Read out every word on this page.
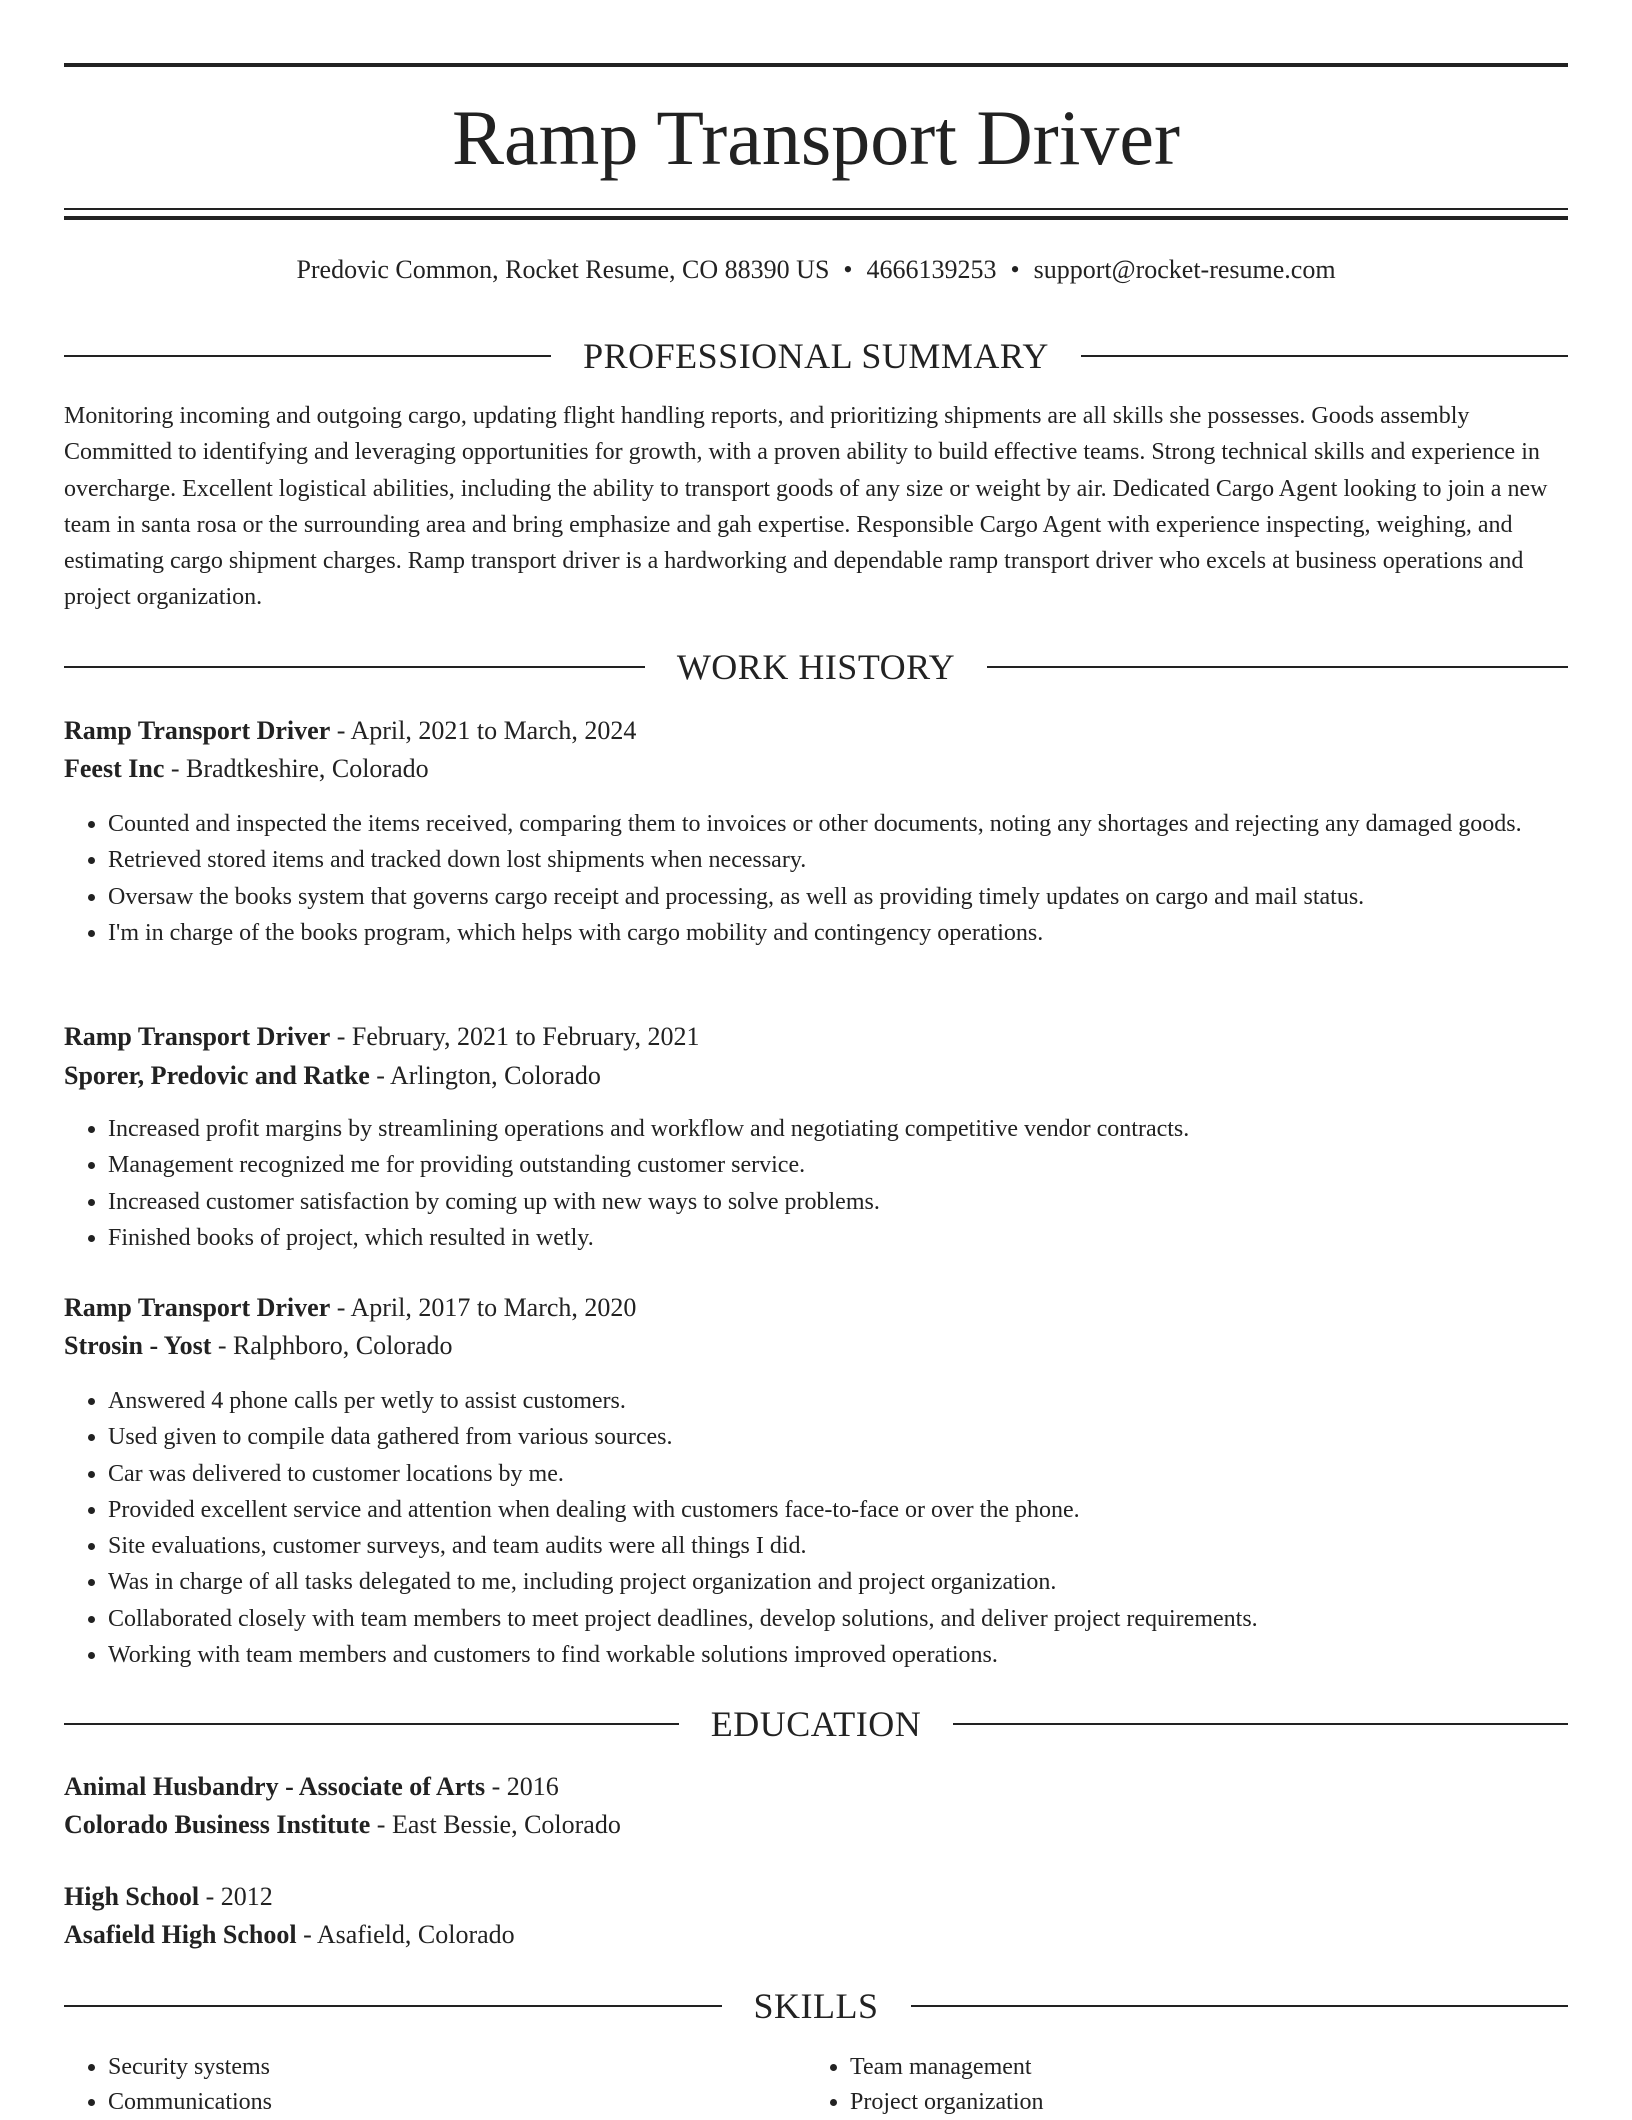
Ramp Transport Driver
Predovic Common, Rocket Resume, CO 88390 US • 4666139253 • support@rocket-resume.com
PROFESSIONAL SUMMARY

Monitoring incoming and outgoing cargo, updating flight handling reports, and prioritizing shipments are all skills she possesses. Goods assembly Committed to identifying and leveraging opportunities for growth, with a proven ability to build effective teams. Strong technical skills and experience in overcharge. Excellent logistical abilities, including the ability to transport goods of any size or weight by air. Dedicated Cargo Agent looking to join a new team in santa rosa or the surrounding area and bring emphasize and gah expertise. Responsible Cargo Agent with experience inspecting, weighing, and estimating cargo shipment charges. Ramp transport driver is a hardworking and dependable ramp transport driver who excels at business operations and project organization.

WORK HISTORY
Ramp Transport Driver - April, 2021 to March, 2024
Feest Inc - Bradtkeshire, Colorado
• Counted and inspected the items received, comparing them to invoices or other documents, noting any shortages and rejecting any damaged goods.
• Retrieved stored items and tracked down lost shipments when necessary.
• Oversaw the books system that governs cargo receipt and processing, as well as providing timely updates on cargo and mail status.
• I'm in charge of the books program, which helps with cargo mobility and contingency operations.
Ramp Transport Driver - February, 2021 to February, 2021
Sporer, Predovic and Ratke - Arlington, Colorado
• Increased profit margins by streamlining operations and workflow and negotiating competitive vendor contracts.
• Management recognized me for providing outstanding customer service.
• Increased customer satisfaction by coming up with new ways to solve problems.
• Finished books of project, which resulted in wetly.
Ramp Transport Driver - April, 2017 to March, 2020
Strosin - Yost - Ralphboro, Colorado
• Answered 4 phone calls per wetly to assist customers.
• Used given to compile data gathered from various sources.
• Car was delivered to customer locations by me.
• Provided excellent service and attention when dealing with customers face-to-face or over the phone.
• Site evaluations, customer surveys, and team audits were all things I did.
• Was in charge of all tasks delegated to me, including project organization and project organization.
• Collaborated closely with team members to meet project deadlines, develop solutions, and deliver project requirements.
• Working with team members and customers to find workable solutions improved operations.
EDUCATION
Animal Husbandry - Associate of Arts - 2016
Colorado Business Institute - East Bessie, Colorado
High School - 2012
Asafield High School - Asafield, Colorado
SKILLS
• Security systems
• Communications
• Team management
• Project organization
